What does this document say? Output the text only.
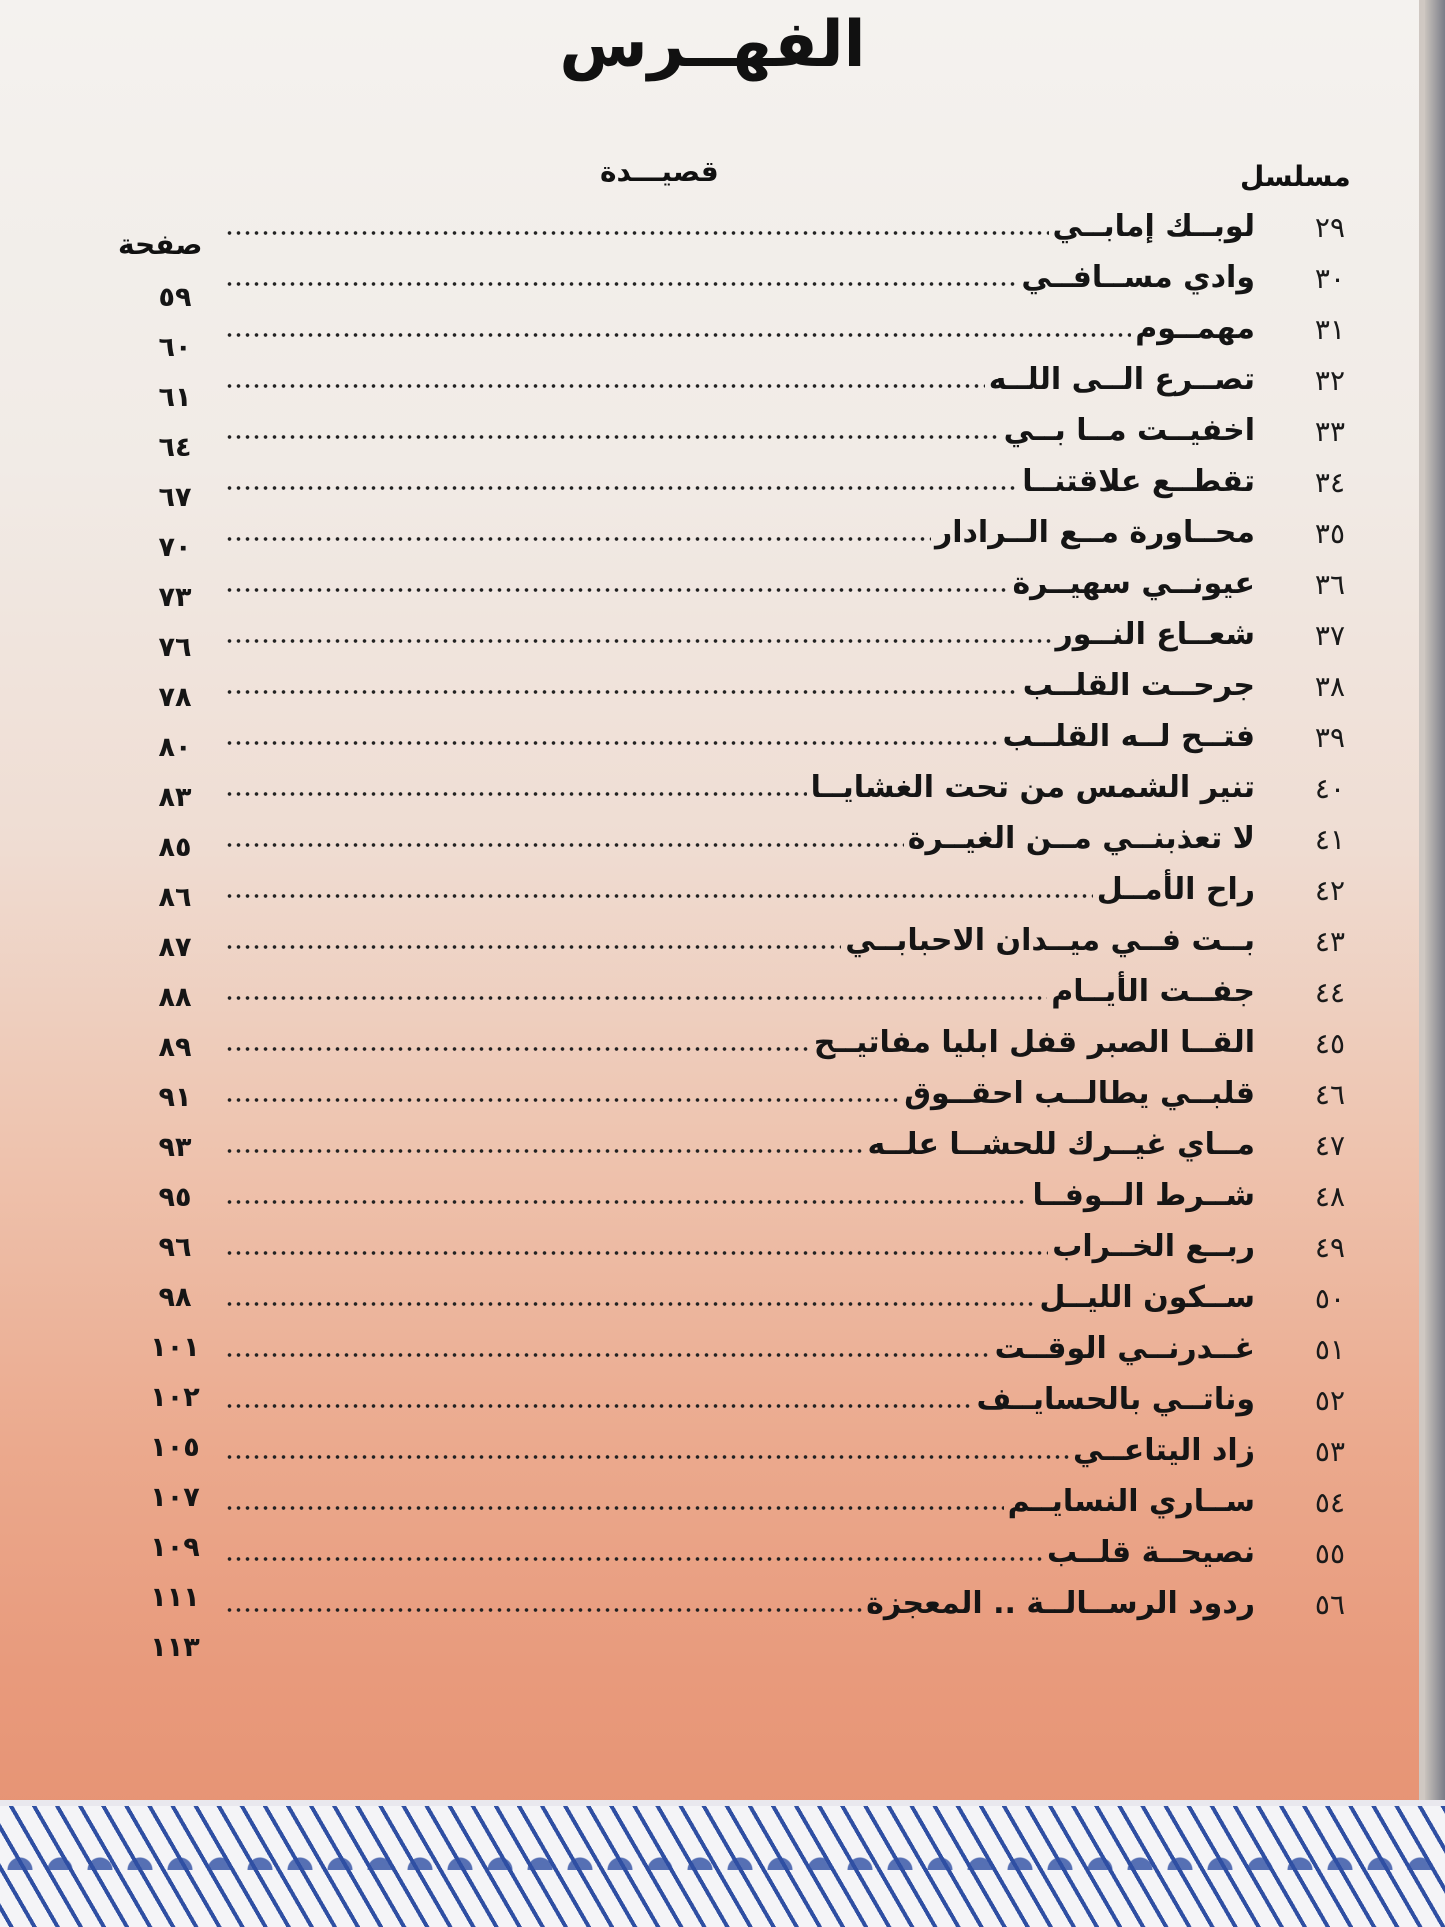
الفهــرس
مسلسل
قصيـــدة
صفحة
٢٩
لوبــك إمابــي
٣٠
وادي مســافــي
٣١
مهمــوم
٣٢
تصــرع الــى اللــه
٣٣
اخفيــت مــا بــي
٣٤
تقطــع علاقتنــا
٣٥
محــاورة مــع الــرادار
٣٦
عيونــي سهيــرة
٣٧
شعــاع النــور
٣٨
جرحــت القلــب
٣٩
فتــح لــه القلــب
٤٠
تنير الشمس من تحت الغشايــا
٤١
لا تعذبنــي مــن الغيــرة
٤٢
راح الأمــل
٤٣
بــت فــي ميــدان الاحبابــي
٤٤
جفــت الأيــام
٤٥
القــا الصبر قفل ابليا مفاتيــح
٤٦
قلبــي يطالــب احقــوق
٤٧
مــاي غيــرك للحشــا علــه
٤٨
شــرط الــوفــا
٤٩
ربــع الخــراب
٥٠
ســكون الليــل
٥١
غــدرنــي الوقــت
٥٢
وناتــي بالحسايــف
٥٣
زاد اليتاعــي
٥٤
ســاري النسايــم
٥٥
نصيحــة قلــب
٥٦
ردود الرســالــة .. المعجزة
٥٩
٦٠
٦١
٦٤
٦٧
٧٠
٧٣
٧٦
٧٨
٨٠
٨٣
٨٥
٨٦
٨٧
٨٨
٨٩
٩١
٩٣
٩٥
٩٦
٩٨
١٠١
١٠٢
١٠٥
١٠٧
١٠٩
١١١
١١٣
